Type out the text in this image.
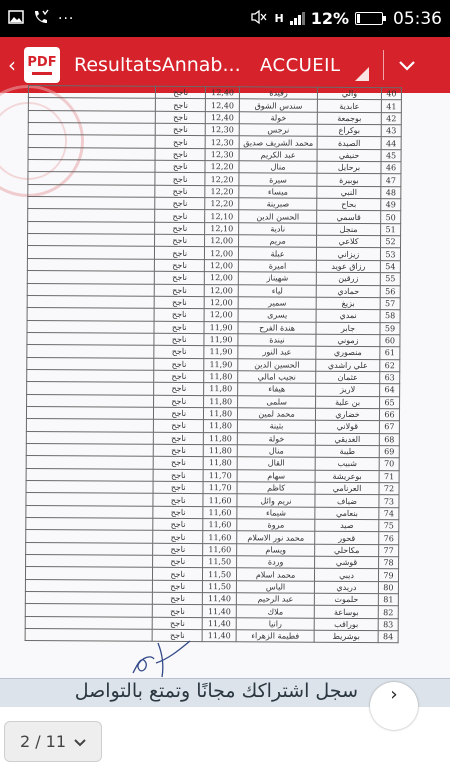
···	H 12%	05:36
‹ PDF ResultatsAnnab... ACCUEIL
	ناجح	12,40	رفيدة	والي	40
	ناجح	12,40	سندس الشوق	عابدية	41
	ناجح	12,40	خولة	بوجمعة	42
	ناجح	12,30	نرجس	بوكراع	43
	ناجح	12,30	محمد الشريف صديق	الصيدة	44
	ناجح	12,30	عبد الكريم	حنيفي	45
	ناجح	12,20	منال	برحايل	46
	ناجح	12,20	سيرة	بوبيرة	47
	ناجح	12,20	ميساء	النبي	48
	ناجح	12,20	صبرينة	بحاح	49
	ناجح	12,10	الحسن الدين	قاسمي	50
	ناجح	12,10	نادية	منجل	51
	ناجح	12,00	مريم	كلاعي	52
	ناجح	12,00	عبلة	زيزاني	53
	ناجح	12,00	اميرة	رزاق عويد	54
	ناجح	12,00	شهيناز	زرقين	55
	ناجح	12,00	لياء	حمادي	56
	ناجح	12,00	سمير	بزيغ	57
	ناجح	12,00	يسرى	نمدي	58
	ناجح	11,90	هندة الفرح	جابر	59
	ناجح	11,90	نيندة	زموني	60
	ناجح	11,90	عبد النور	منصوري	61
	ناجح	11,90	الحسين الدين	علي راشدي	62
	ناجح	11,80	نجيب امالي	عثمان	63
	ناجح	11,80	هيفاء	لاريز	64
	ناجح	11,80	سلمى	بن علية	65
	ناجح	11,80	محمد لمين	خضاري	66
	ناجح	11,80	بثينة	قولاني	67
	ناجح	11,80	خولة	الغديقي	68
	ناجح	11,80	منال	طيبة	69
	ناجح	11,80	القال	شبيب	70
	ناجح	11,70	سهام	بوعريشة	71
	ناجح	11,70	كاظم	العرنامي	72
	ناجح	11,60	نريم وائل	ضياف	73
	ناجح	11,60	شيماء	بنعامي	74
	ناجح	11,60	مروة	صيد	75
	ناجح	11,60	محمد نور الاسلام	قحور	76
	ناجح	11,60	ويسام	مكاحلي	77
	ناجح	11,50	وردة	قوشي	78
	ناجح	11,50	محمد اسلام	ديبي	79
	ناجح	11,50	الياس	دريدي	80
	ناجح	11,40	عبد الرحيم	حلموت	81
	ناجح	11,40	ملاك	بوساعة	82
	ناجح	11,40	رانيا	بوراقب	83
	ناجح	11,40	فطيمة الزهراء	بوشريط	84
2 / 11
سجل اشتراكك مجانًا وتمتع بالتواصل	›
